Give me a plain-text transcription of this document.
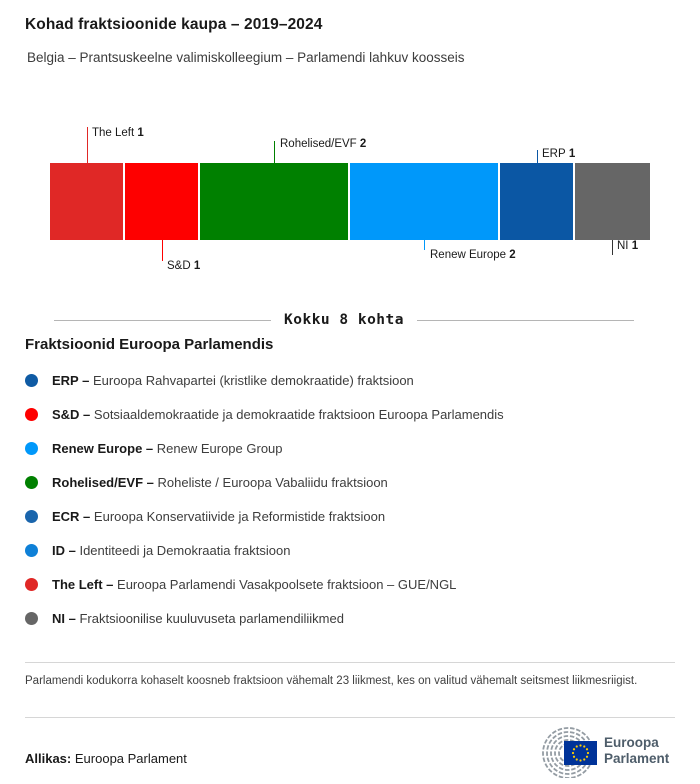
Kohad fraktsioonide kaupa – 2019–2024
Belgia – Prantsuskeelne valimiskolleegium – Parlamendi lahkuv koosseis
The Left 1
S&D 1
Rohelised/EVF 2
Renew Europe 2
ERP 1
NI 1
Kokku 8 kohta
Fraktsioonid Euroopa Parlamendis
ERP – Euroopa Rahvapartei (kristlike demokraatide) fraktsioon
S&D – Sotsiaaldemokraatide ja demokraatide fraktsioon Euroopa Parlamendis
Renew Europe – Renew Europe Group
Rohelised/EVF – Roheliste / Euroopa Vabaliidu fraktsioon
ECR – Euroopa Konservatiivide ja Reformistide fraktsioon
ID – Identiteedi ja Demokraatia fraktsioon
The Left – Euroopa Parlamendi Vasakpoolsete fraktsioon – GUE/NGL
NI – Fraktsioonilise kuuluvuseta parlamendiliikmed
Parlamendi kodukorra kohaselt koosneb fraktsioon vähemalt 23 liikmest, kes on valitud vähemalt seitsmest liikmesriigist.
Allikas: Euroopa Parlament
Euroopa
Parlament
